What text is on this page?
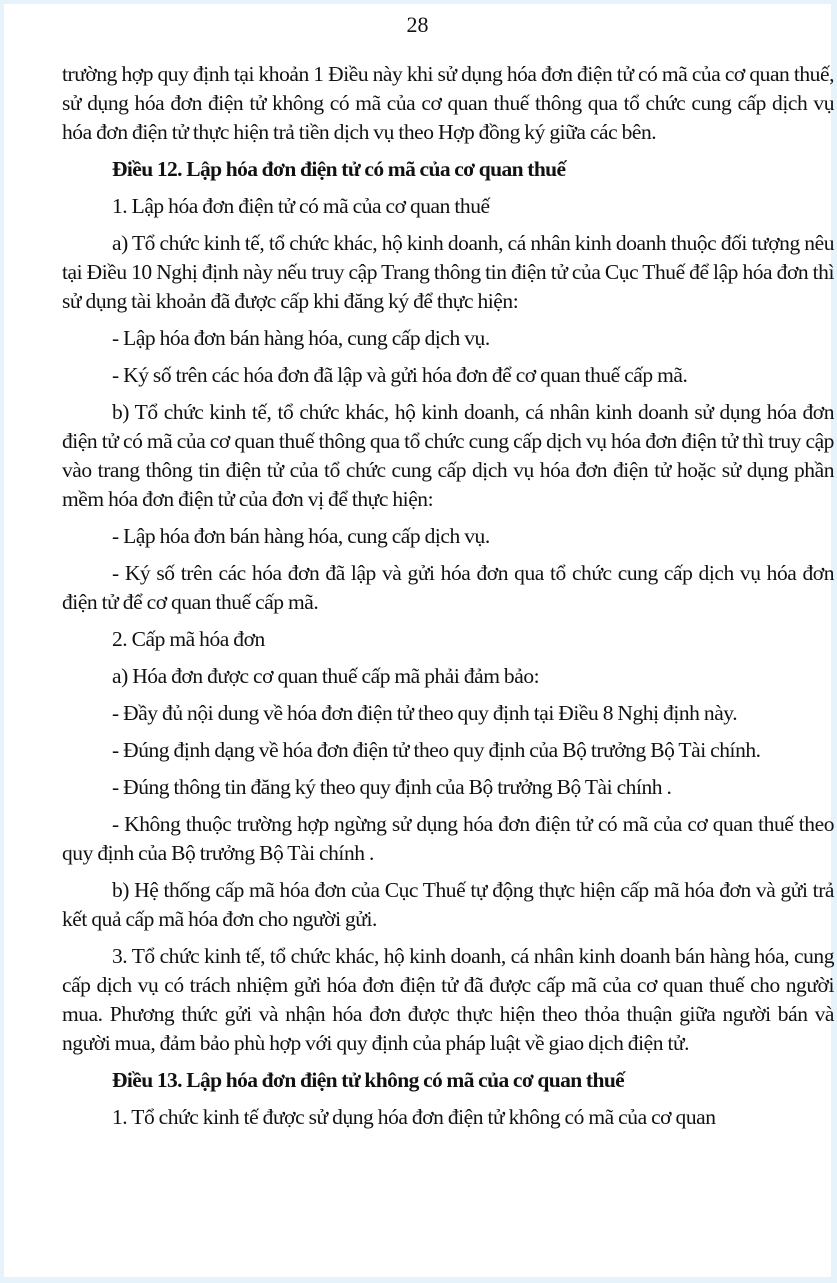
28

trường hợp quy định tại khoản 1 Điều này khi sử dụng hóa đơn điện tử có mã của cơ quan thuế, sử dụng hóa đơn điện tử không có mã của cơ quan thuế thông qua tổ chức cung cấp dịch vụ hóa đơn điện tử thực hiện trả tiền dịch vụ theo Hợp đồng ký giữa các bên.

Điều 12. Lập hóa đơn điện tử có mã của cơ quan thuế

1. Lập hóa đơn điện tử có mã của cơ quan thuế

a) Tổ chức kinh tế, tổ chức khác, hộ kinh doanh, cá nhân kinh doanh thuộc đối tượng nêu tại Điều 10 Nghị định này nếu truy cập Trang thông tin điện tử của Cục Thuế để lập hóa đơn thì sử dụng tài khoản đã được cấp khi đăng ký để thực hiện:

- Lập hóa đơn bán hàng hóa, cung cấp dịch vụ.

- Ký số trên các hóa đơn đã lập và gửi hóa đơn để cơ quan thuế cấp mã.

b) Tổ chức kinh tế, tổ chức khác, hộ kinh doanh, cá nhân kinh doanh sử dụng hóa đơn điện tử có mã của cơ quan thuế thông qua tổ chức cung cấp dịch vụ hóa đơn điện tử thì truy cập vào trang thông tin điện tử của tổ chức cung cấp dịch vụ hóa đơn điện tử hoặc sử dụng phần mềm hóa đơn điện tử của đơn vị để thực hiện:

- Lập hóa đơn bán hàng hóa, cung cấp dịch vụ.

- Ký số trên các hóa đơn đã lập và gửi hóa đơn qua tổ chức cung cấp dịch vụ hóa đơn điện tử để cơ quan thuế cấp mã.

2. Cấp mã hóa đơn

a) Hóa đơn được cơ quan thuế cấp mã phải đảm bảo:

- Đầy đủ nội dung về hóa đơn điện tử theo quy định tại Điều 8 Nghị định này.

- Đúng định dạng về hóa đơn điện tử theo quy định của Bộ trưởng Bộ Tài chính.

- Đúng thông tin đăng ký theo quy định của Bộ trưởng Bộ Tài chính .

- Không thuộc trường hợp ngừng sử dụng hóa đơn điện tử có mã của cơ quan thuế theo quy định của Bộ trưởng Bộ Tài chính .

b) Hệ thống cấp mã hóa đơn của Cục Thuế tự động thực hiện cấp mã hóa đơn và gửi trả kết quả cấp mã hóa đơn cho người gửi.

3. Tổ chức kinh tế, tổ chức khác, hộ kinh doanh, cá nhân kinh doanh bán hàng hóa, cung cấp dịch vụ có trách nhiệm gửi hóa đơn điện tử đã được cấp mã của cơ quan thuế cho người mua. Phương thức gửi và nhận hóa đơn được thực hiện theo thỏa thuận giữa người bán và người mua, đảm bảo phù hợp với quy định của pháp luật về giao dịch điện tử.

Điều 13. Lập hóa đơn điện tử không có mã của cơ quan thuế

1. Tổ chức kinh tế được sử dụng hóa đơn điện tử không có mã của cơ quan
